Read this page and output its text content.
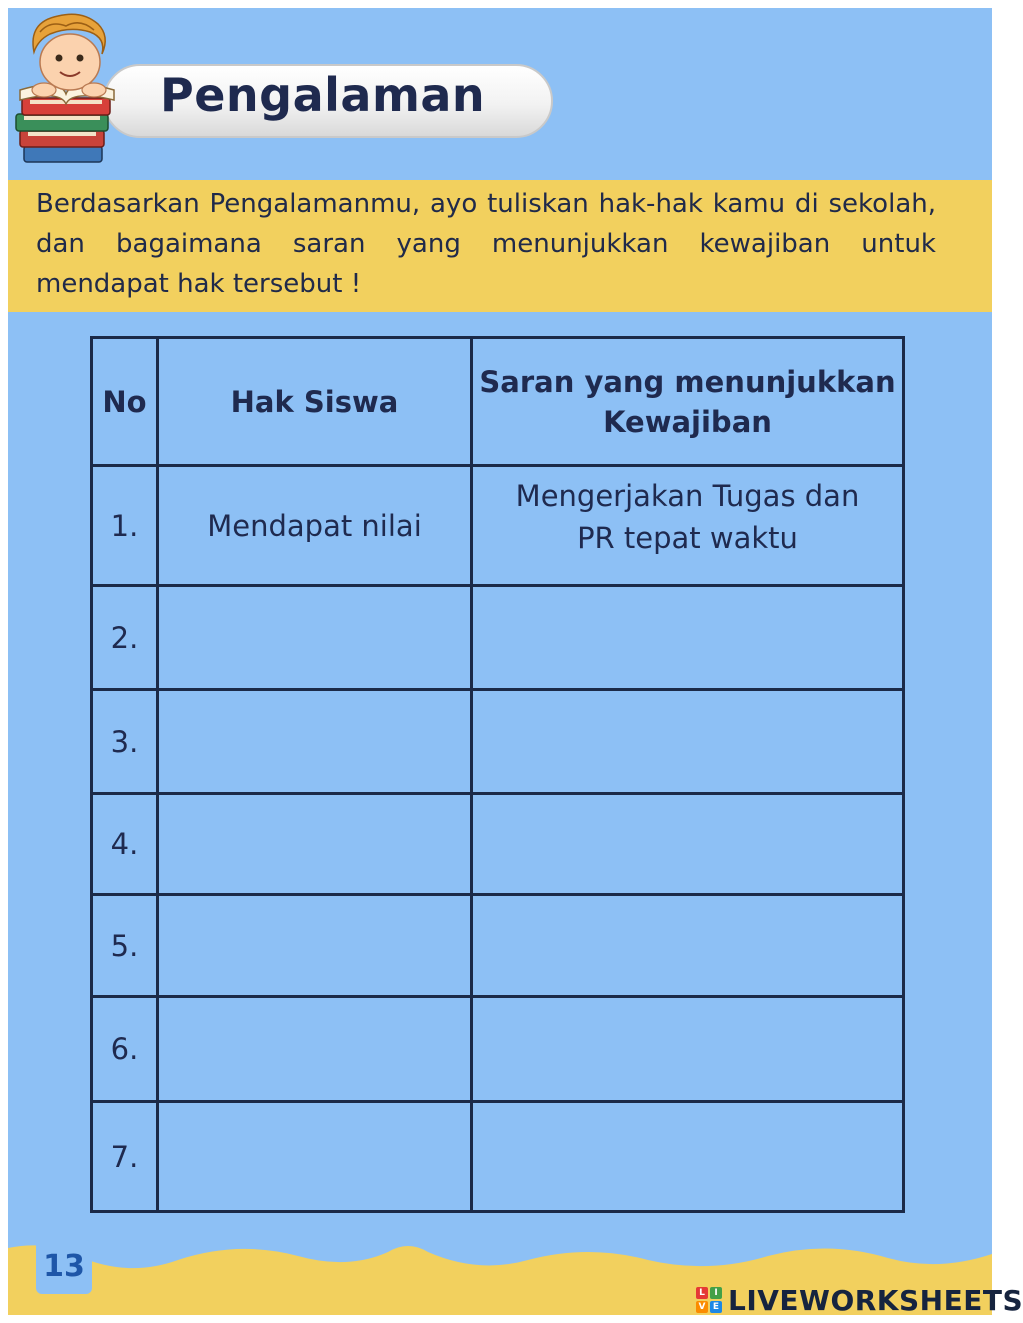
Pengalaman
Berdasarkan Pengalamanmu, ayo tuliskan hak-hak kamu di sekolah, dan bagaimana saran yang menunjukkan kewajiban untuk mendapat hak tersebut !
No	Hak Siswa	Saran yang menunjukkan
Kewajiban

1.	Mendapat nilai	Mengerjakan Tugas dan
PR tepat waktu

2.		
3.		
4.		
5.		
6.		
7.		
13
L	I
V E LIVEWORKSHEETS
